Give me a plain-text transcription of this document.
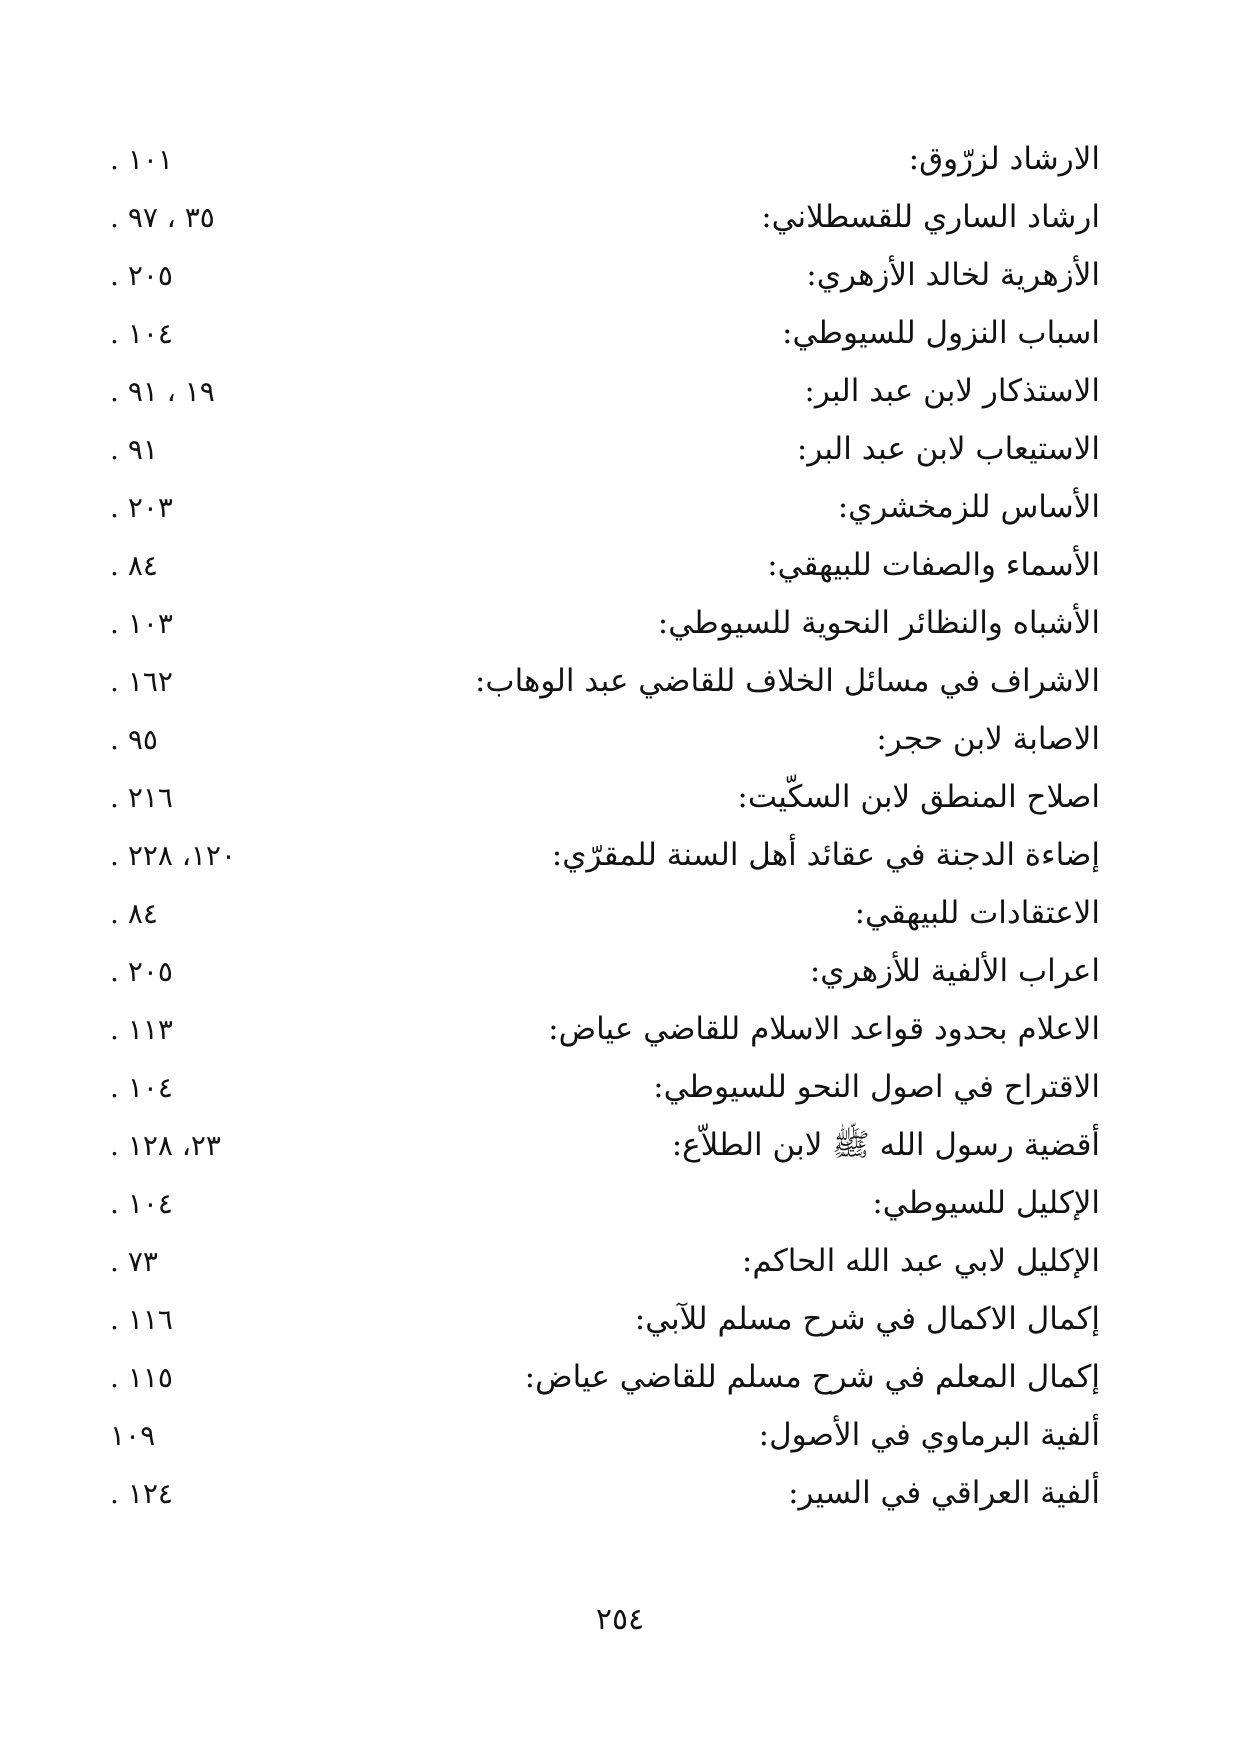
الارشاد لزرّوق:
١٠١ .
ارشاد الساري للقسطلاني:
٣٥ ، ٩٧ .
الأزهرية لخالد الأزهري:
٢٠٥ .
اسباب النزول للسيوطي:
١٠٤ .
الاستذكار لابن عبد البر:
١٩ ، ٩١ .
الاستيعاب لابن عبد البر:
٩١ .
الأساس للزمخشري:
٢٠٣ .
الأسماء والصفات للبيهقي:
٨٤ .
الأشباه والنظائر النحوية للسيوطي:
١٠٣ .
الاشراف في مسائل الخلاف للقاضي عبد الوهاب:
١٦٢ .
الاصابة لابن حجر:
٩٥ .
اصلاح المنطق لابن السكّيت:
٢١٦ .
إضاءة الدجنة في عقائد أهل السنة للمقرّي:
١٢٠، ٢٢٨ .
الاعتقادات للبيهقي:
٨٤ .
اعراب الألفية للأزهري:
٢٠٥ .
الاعلام بحدود قواعد الاسلام للقاضي عياض:
١١٣ .
الاقتراح في اصول النحو للسيوطي:
١٠٤ .
أقضية رسول الله ﷺ لابن الطلاّع:
٢٣، ١٢٨ .
الإكليل للسيوطي:
١٠٤ .
الإكليل لابي عبد الله الحاكم:
٧٣ .
إكمال الاكمال في شرح مسلم للآبي:
١١٦ .
إكمال المعلم في شرح مسلم للقاضي عياض:
١١٥ .
ألفية البرماوي في الأصول:
١٠٩
ألفية العراقي في السير:
١٢٤ .
٢٥٤
